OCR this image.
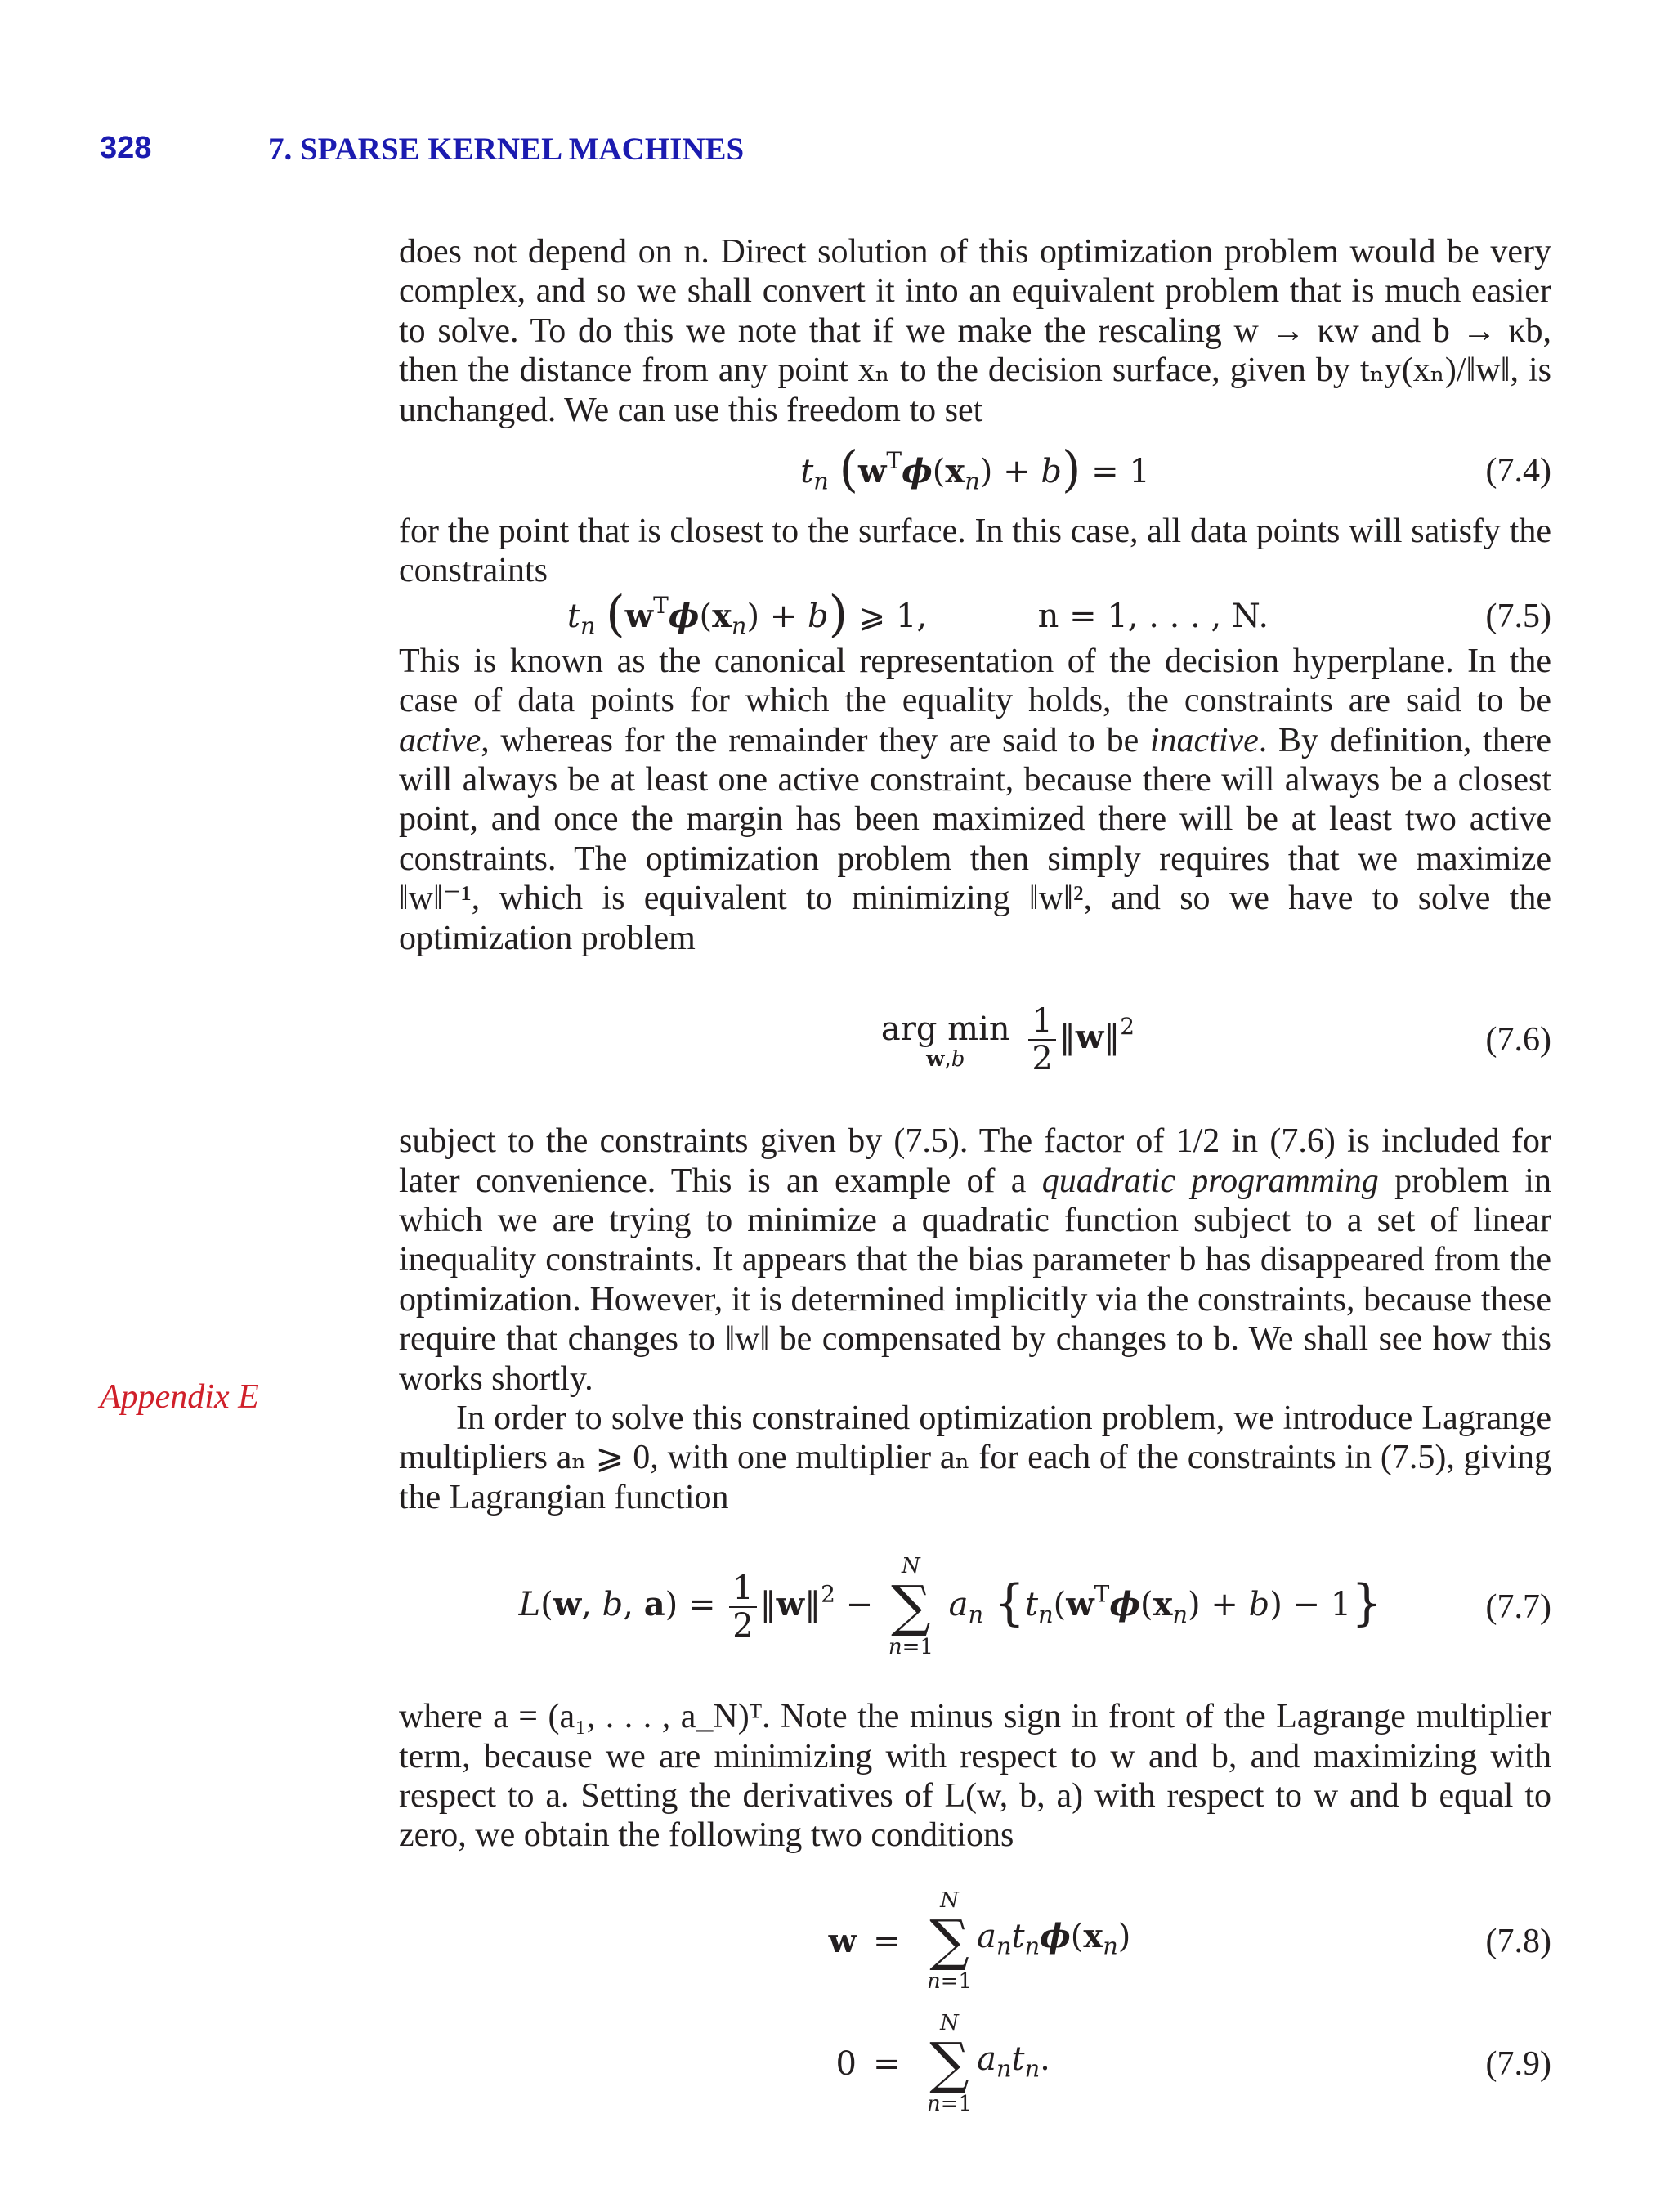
328	7. SPARSE KERNEL MACHINES
Appendix E

does not depend on n. Direct solution of this optimization problem would be very complex, and so we shall convert it into an equivalent problem that is much easier to solve. To do this we note that if we make the rescaling w → κw and b → κb, then the distance from any point xₙ to the decision surface, given by tₙy(xₙ)/‖w‖, is unchanged. We can use this freedom to set

$t_n$ $(w^T\phi(x_n) + b) = 1$	(7.4)

for the point that is closest to the surface. In this case, all data points will satisfy the constraints

$t_n$ $(w^T\phi(x_n) + b)$ ⩾ 1,	n = 1, . . . , N.	(7.5)

This is known as the canonical representation of the decision hyperplane. In the case of data points for which the equality holds, the constraints are said to be active, whereas for the remainder they are said to be inactive. By definition, there will always be at least one active constraint, because there will always be a closest point, and once the margin has been maximized there will be at least two active constraints. The optimization problem then simply requires that we maximize ‖w‖⁻¹, which is equivalent to minimizing ‖w‖², and so we have to solve the optimization problem

arg min
w,b
$\frac{1}{2}$ ‖w‖$^2$	(7.6)

subject to the constraints given by (7.5). The factor of 1/2 in (7.6) is included for later convenience. This is an example of a quadratic programming problem in which we are trying to minimize a quadratic function subject to a set of linear inequality constraints. It appears that the bias parameter b has disappeared from the optimization. However, it is determined implicitly via the constraints, because these require that changes to ‖w‖ be compensated by changes to b. We shall see how this works shortly.

In order to solve this constrained optimization problem, we introduce Lagrange multipliers aₙ ⩾ 0, with one multiplier aₙ for each of the constraints in (7.5), giving the Lagrangian function

L(w, b, $a) = \frac{1}{2}$ ‖w‖$^2$ −
N
∑
n=1
$a_n$ $\{t_n(w^T\phi(x_n) + b) - 1\}$	(7.7)

where a = (a₁, . . . , a_N)ᵀ. Note the minus sign in front of the Lagrange multiplier term, because we are minimizing with respect to w and b, and maximizing with respect to a. Setting the derivatives of L(w, b, a) with respect to w and b equal to zero, we obtain the following two conditions

w =
N
∑
n=1
$a_nt_n\phi(x_n)$	(7.8)
0 =
N
∑
n=1
$a_nt_n$.	(7.9)
